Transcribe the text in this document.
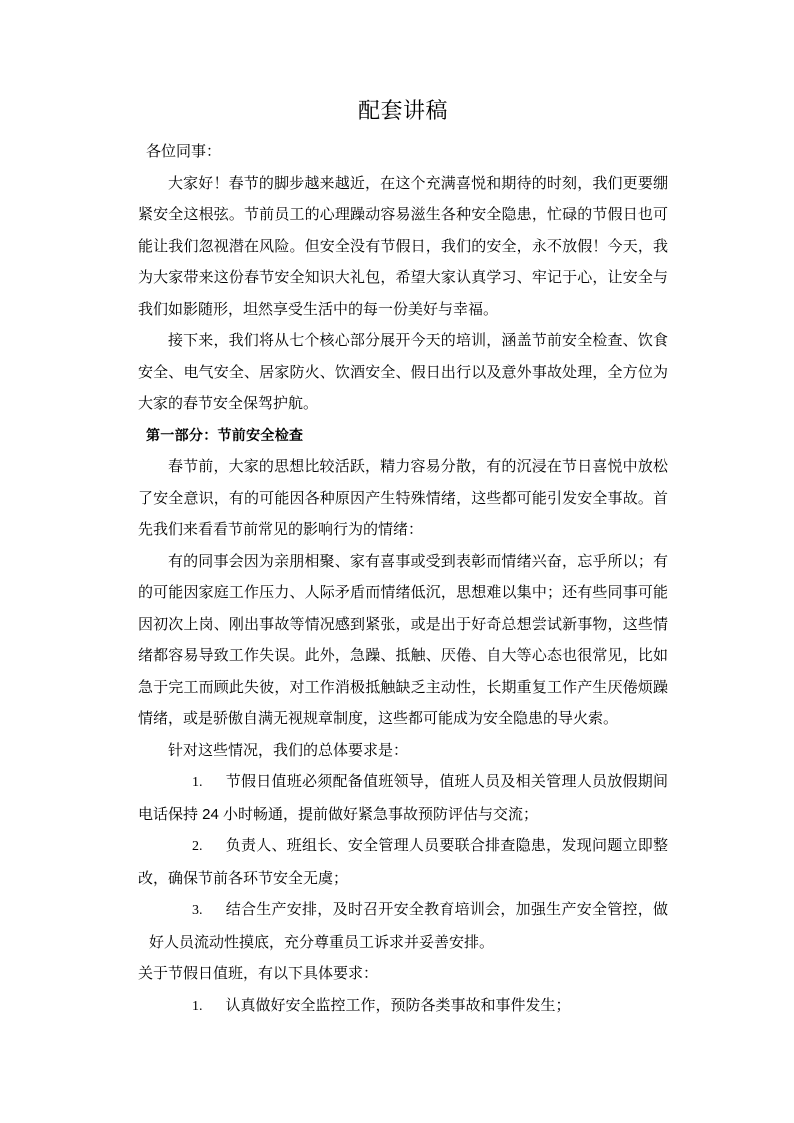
配套讲稿

各位同事：

大家好！春节的脚步越来越近，在这个充满喜悦和期待的时刻，我们更要绷紧安全这根弦。节前员工的心理躁动容易滋生各种安全隐患，忙碌的节假日也可能让我们忽视潜在风险。但安全没有节假日，我们的安全，永不放假！今天，我为大家带来这份春节安全知识大礼包，希望大家认真学习、牢记于心，让安全与我们如影随形，坦然享受生活中的每一份美好与幸福。

接下来，我们将从七个核心部分展开今天的培训，涵盖节前安全检查、饮食安全、电气安全、居家防火、饮酒安全、假日出行以及意外事故处理，全方位为大家的春节安全保驾护航。

第一部分：节前安全检查

春节前，大家的思想比较活跃，精力容易分散，有的沉浸在节日喜悦中放松了安全意识，有的可能因各种原因产生特殊情绪，这些都可能引发安全事故。首先我们来看看节前常见的影响行为的情绪：

有的同事会因为亲朋相聚、家有喜事或受到表彰而情绪兴奋，忘乎所以；有的可能因家庭工作压力、人际矛盾而情绪低沉，思想难以集中；还有些同事可能因初次上岗、刚出事故等情况感到紧张，或是出于好奇总想尝试新事物，这些情绪都容易导致工作失误。此外，急躁、抵触、厌倦、自大等心态也很常见，比如急于完工而顾此失彼，对工作消极抵触缺乏主动性，长期重复工作产生厌倦烦躁情绪，或是骄傲自满无视规章制度，这些都可能成为安全隐患的导火索。

针对这些情况，我们的总体要求是：

1. 节假日值班必须配备值班领导，值班人员及相关管理人员放假期间电话保持 24 小时畅通，提前做好紧急事故预防评估与交流；
2. 负责人、班组长、安全管理人员要联合排查隐患，发现问题立即整改，确保节前各环节安全无虞；
3. 结合生产安排，及时召开安全教育培训会，加强生产安全管控，做好人员流动性摸底，充分尊重员工诉求并妥善安排。

关于节假日值班，有以下具体要求：

1. 认真做好安全监控工作，预防各类事故和事件发生；
